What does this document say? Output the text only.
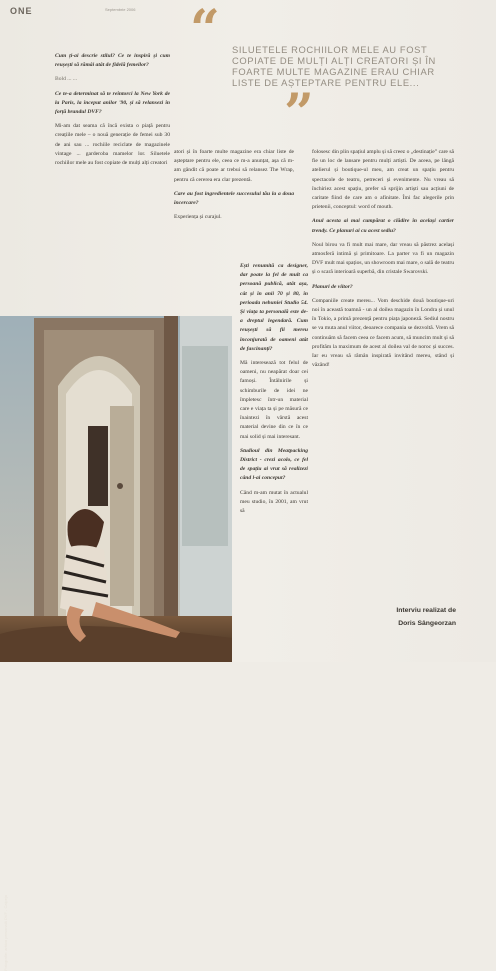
ONE	Septembrie 2006 “ SILUETELE ROCHIILOR MELE AU FOST COPIATE DE MULȚI ALȚI CREATORI ȘI ÎN FOARTE MULTE MAGAZINE ERAU CHIAR LISTE DE AȘTEPTARE PENTRU ELE...
”

Cum ți-ai descrie stilul? Ce te inspiră și cum reușești să rămâi atât de fidelă femeilor?

Bold ... ...

Ce te-a determinat să te reîntorci la New York de la Paris, la început anilor '90, și să relansezi în forță brandul DVF?

Mi-am dat seama că încă exista o piață pentru creațiile mele – o nouă generație de femei sub 30 de ani sau ... rochiile reciclate de magazinele vintage ... garderoba mamelor lor. Siluetele rochiilor mele au fost copiate de mulți alți creatori

atori și în foarte multe magazine era chiar liste de așteptare pentru ele, ceea ce m-a anunțat, așa că m-am gândit că poate ar trebui să relansez The Wrap, pentru că cererea era clar prezentă.

Care au fost ingredientele succesului tău la a doua încercare?

Experiența și curajul.

Ești renumită ca designer, dar poate la fel de mult ca persoană publică, atât așa, cât și în anii 70 și 80, în perioada nebuniei Studio 54. Și viața ta personală este de-a dreptul legendară. Cum reușești să fii mereu înconjurată de oameni atât de fascinanți?

Mă interesează tot felul de oameni, nu neapărat doar cei famoși. Întâlnirile și schimburile de idei ne împletesc într-un material care e viața ta și pe măsură ce înaintezi în vârstă acest material devine din ce în ce mai solid și mai interesant.

Studioul din Meatpacking District - crezi acolo, ce fel de spațiu ai vrut să realizezi când l-ai conceput?

Când m-am mutat în actualul meu studio, în 2001, am vrut să

folosesc din plin spațiul amplu și să creez o „destinație” care să fie un loc de lansare pentru mulți artiști. De aceea, pe lângă atelierul și boutique-ul meu, am creat un spațiu pentru spectacole de teatru, petreceri și evenimente. Nu vreau să închiriez acest spațiu, prefer să sprijin artiști sau acțiuni de caritate fiind de care am o afinitate. Îmi fac alegerile prin prietenii, conceptul: word of mouth.

Anul acesta ai mai cumpărat o clădire în același cartier trendy. Ce planuri ai cu acest sediu?

Noul birou va fi mult mai mare, dar vreau să păstrez același atmosferă intimă și primitoare. La parter va fi un magazin DVF mult mai spațios, un showroom mai mare, o sală de teatru și o scară interioară superbă, din cristale Swarovski.

Planuri de viitor?

Companiile create mereu... Vom deschide două boutique-uri noi în această toamnă - un al doilea magazin în Londra și unul în Tokio, a primă prezență pentru piața japoneză. Sediul nostru se va muta anul viitor, deoarece compania se dezvoltă. Vrem să continuăm să facem ceea ce facem acum, să muncim mult și să profităm la maximum de acest al doilea val de noroc și succes. Iar eu vreau să rămân inspirată invitând mereu, stând și văzând!

Interviu realizat de
Doris Sângeorzan
Fotografie: arhiva personală DVF - Calpeja
